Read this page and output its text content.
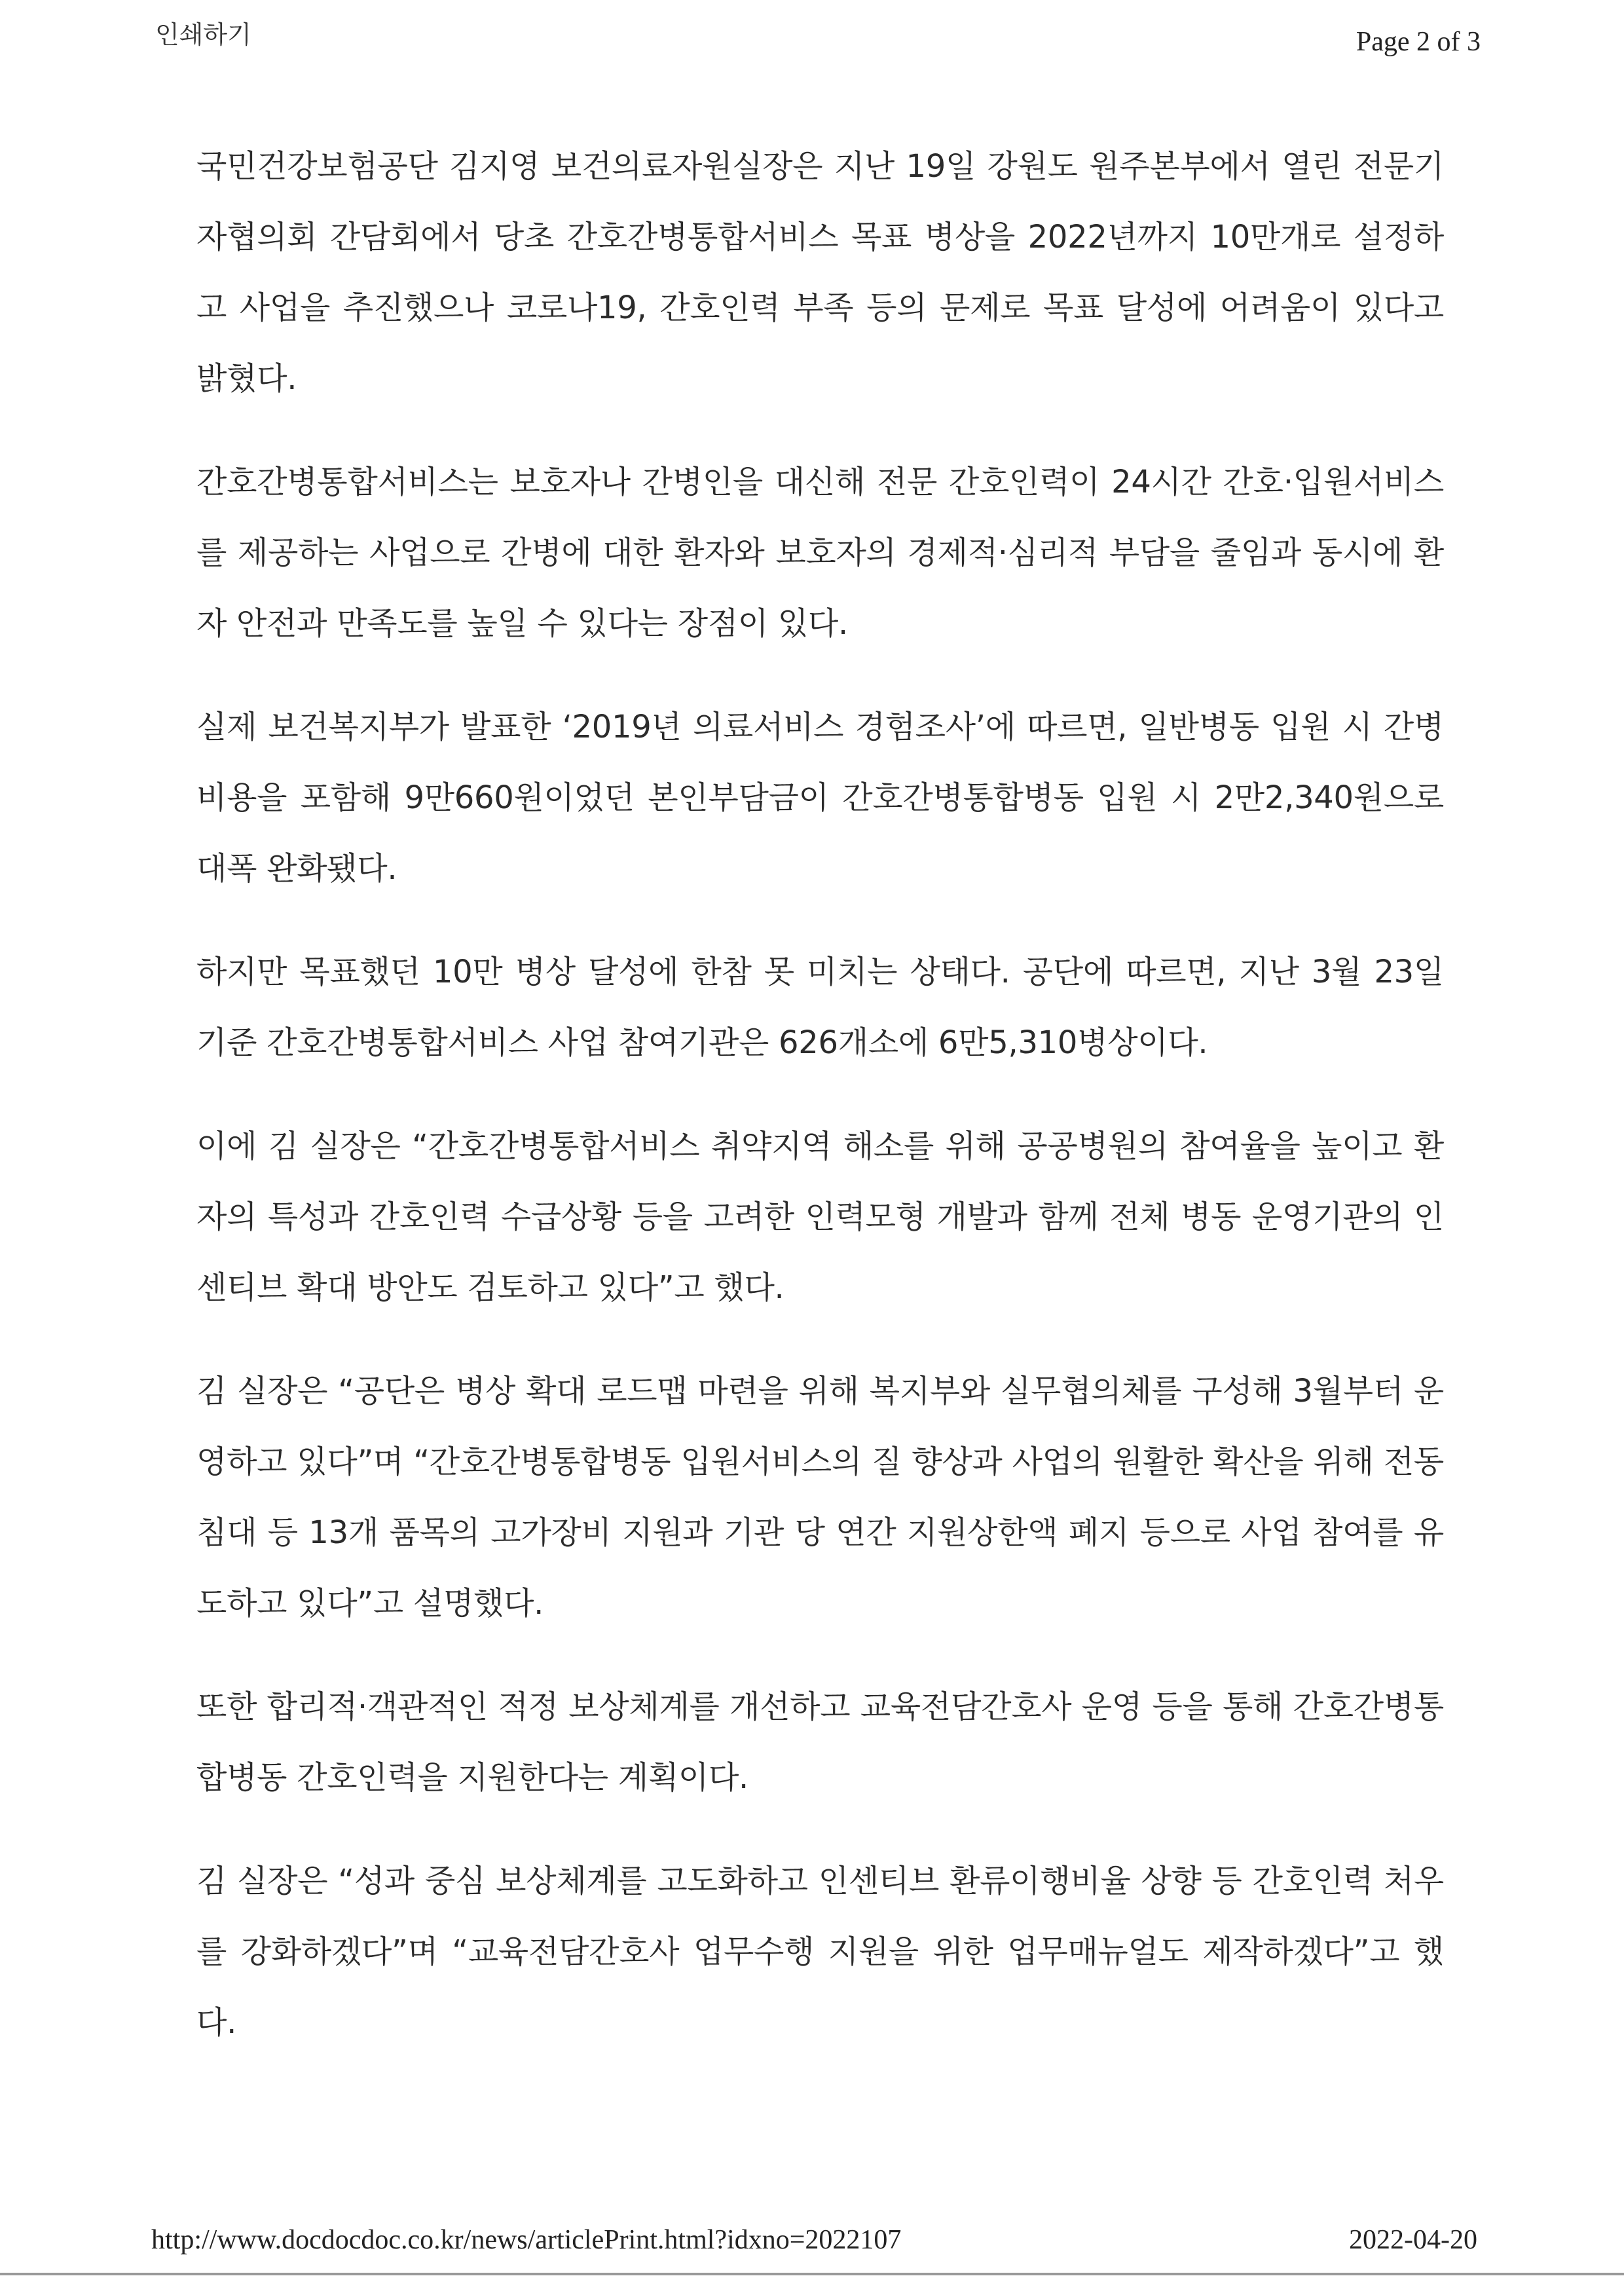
인쇄하기	Page 2 of 3

국민건강보험공단 김지영 보건의료자원실장은 지난 19일 강원도 원주본부에서 열린 전문기자협의회 간담회에서 당초 간호간병통합서비스 목표 병상을 2022년까지 10만개로 설정하고 사업을 추진했으나 코로나19, 간호인력 부족 등의 문제로 목표 달성에 어려움이 있다고 밝혔다.

간호간병통합서비스는 보호자나 간병인을 대신해 전문 간호인력이 24시간 간호·입원서비스를 제공하는 사업으로 간병에 대한 환자와 보호자의 경제적·심리적 부담을 줄임과 동시에 환자 안전과 만족도를 높일 수 있다는 장점이 있다.

실제 보건복지부가 발표한 ‘2019년 의료서비스 경험조사’에 따르면, 일반병동 입원 시 간병비용을 포함해 9만660원이었던 본인부담금이 간호간병통합병동 입원 시 2만2,340원으로 대폭 완화됐다.

하지만 목표했던 10만 병상 달성에 한참 못 미치는 상태다. 공단에 따르면, 지난 3월 23일 기준 간호간병통합서비스 사업 참여기관은 626개소에 6만5,310병상이다.

이에 김 실장은 “간호간병통합서비스 취약지역 해소를 위해 공공병원의 참여율을 높이고 환자의 특성과 간호인력 수급상황 등을 고려한 인력모형 개발과 함께 전체 병동 운영기관의 인센티브 확대 방안도 검토하고 있다”고 했다.

김 실장은 “공단은 병상 확대 로드맵 마련을 위해 복지부와 실무협의체를 구성해 3월부터 운영하고 있다”며 “간호간병통합병동 입원서비스의 질 향상과 사업의 원활한 확산을 위해 전동침대 등 13개 품목의 고가장비 지원과 기관 당 연간 지원상한액 폐지 등으로 사업 참여를 유도하고 있다”고 설명했다.

또한 합리적·객관적인 적정 보상체계를 개선하고 교육전담간호사 운영 등을 통해 간호간병통합병동 간호인력을 지원한다는 계획이다.

김 실장은 “성과 중심 보상체계를 고도화하고 인센티브 환류이행비율 상향 등 간호인력 처우를 강화하겠다”며 “교육전담간호사 업무수행 지원을 위한 업무매뉴얼도 제작하겠다”고 했다.

http://www.docdocdoc.co.kr/news/articlePrint.html?idxno=2022107	2022-04-20
